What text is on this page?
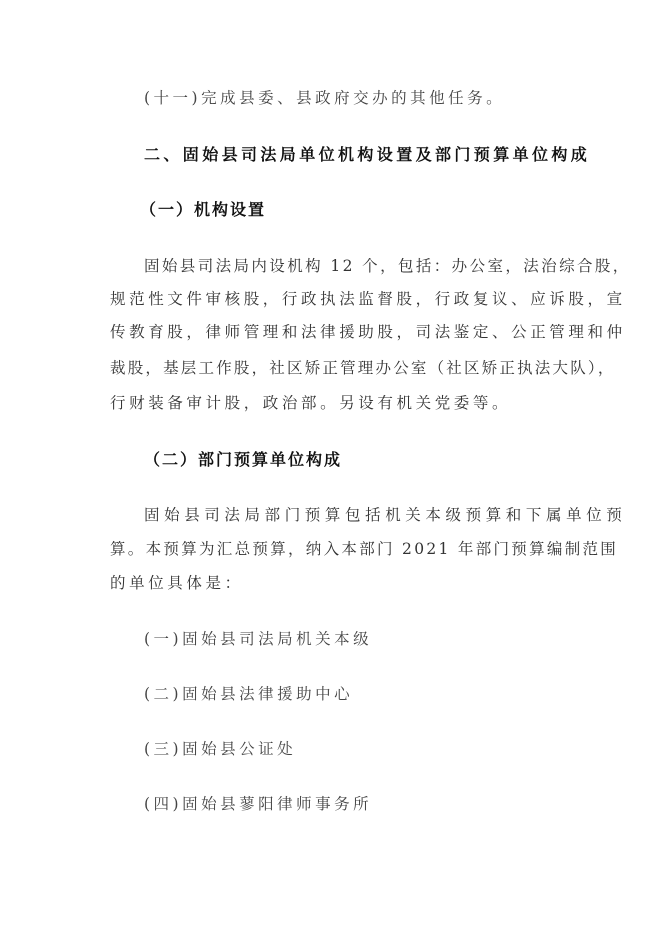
(十一)完成县委、县政府交办的其他任务。
二、固始县司法局单位机构设置及部门预算单位构成
（一）机构设置
固始县司法局内设机构 12 个，包括：办公室，法治综合股，
规范性文件审核股，行政执法监督股，行政复议、应诉股，宣
传教育股，律师管理和法律援助股，司法鉴定、公正管理和仲
裁股，基层工作股，社区矫正管理办公室（社区矫正执法大队），
行财装备审计股，政治部。另设有机关党委等。
（二）部门预算单位构成
固始县司法局部门预算包括机关本级预算和下属单位预
算。本预算为汇总预算，纳入本部门 2021 年部门预算编制范围
的单位具体是：
(一)固始县司法局机关本级
(二)固始县法律援助中心
(三)固始县公证处
(四)固始县蓼阳律师事务所
